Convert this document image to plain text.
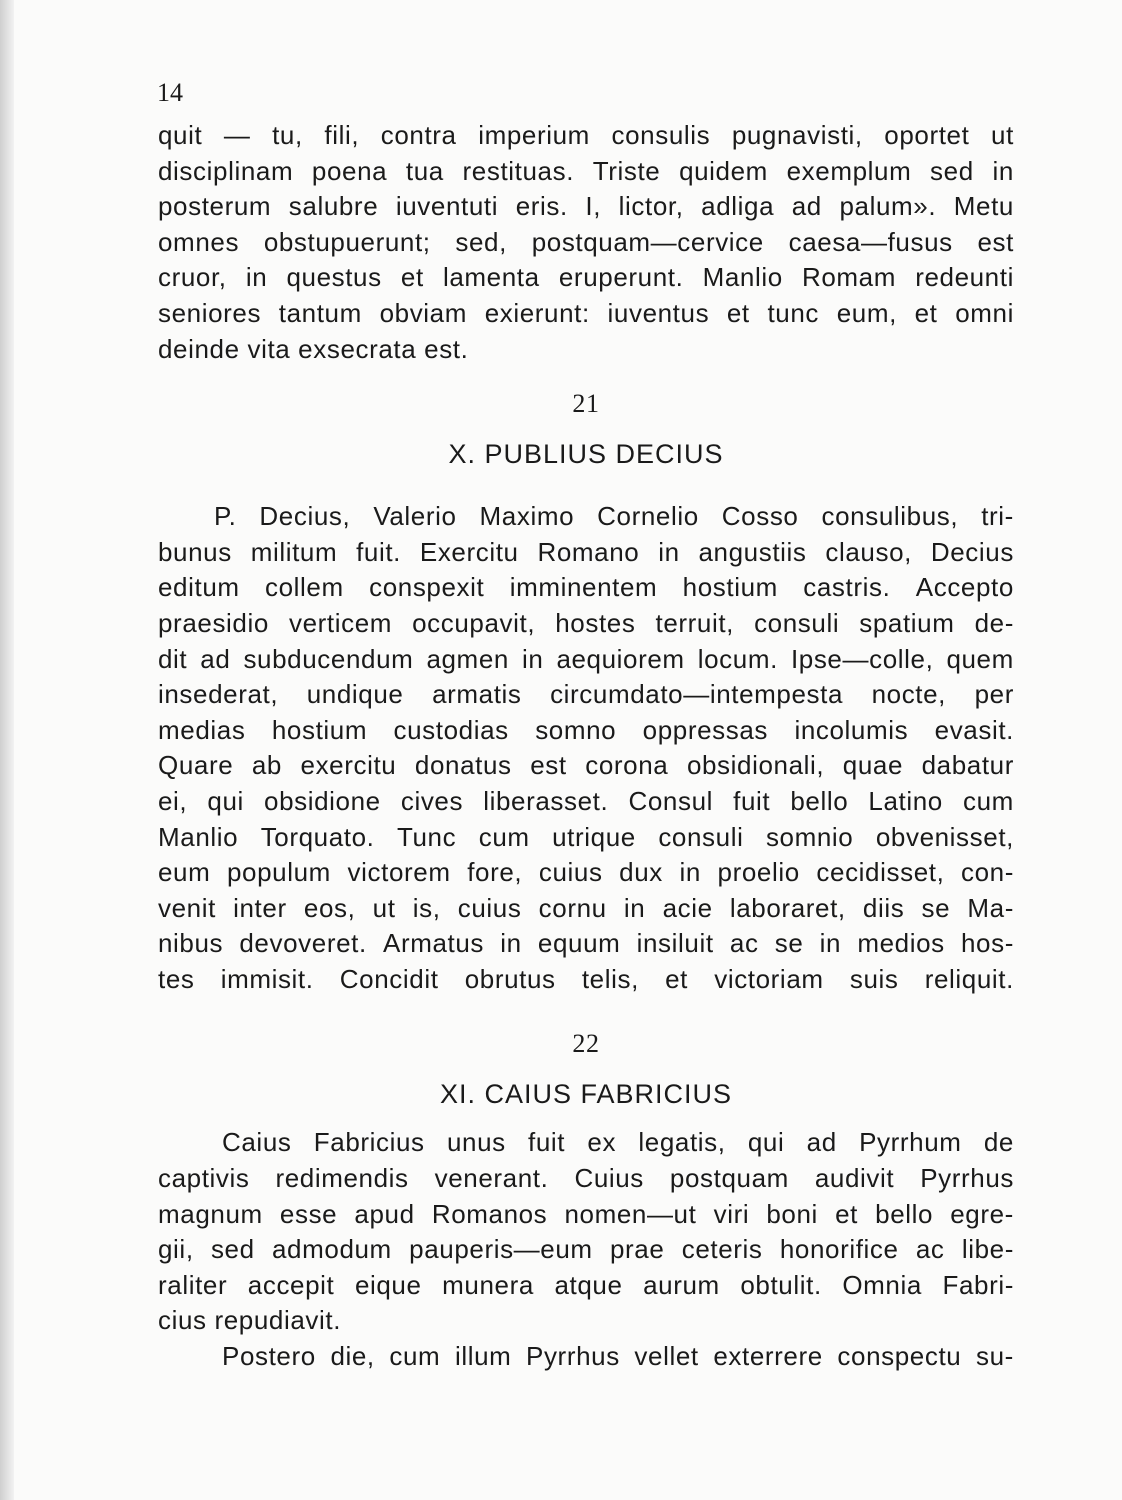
14
quit — tu, fili, contra imperium consulis pugnavisti, oportet ut
disciplinam poena tua restituas. Triste quidem exemplum sed in
posterum salubre iuventuti eris. I, lictor, adliga ad palum». Metu
omnes obstupuerunt; sed, postquam—cervice caesa—fusus est
cruor, in questus et lamenta eruperunt. Manlio Romam redeunti
seniores tantum obviam exierunt: iuventus et tunc eum, et omni
deinde vita exsecrata est.
21
X. PUBLIUS DECIUS
P. Decius, Valerio Maximo Cornelio Cosso consulibus, tri-
bunus militum fuit. Exercitu Romano in angustiis clauso, Decius
editum collem conspexit imminentem hostium castris. Accepto
praesidio verticem occupavit, hostes terruit, consuli spatium de-
dit ad subducendum agmen in aequiorem locum. Ipse—colle, quem
insederat, undique armatis circumdato—intempesta nocte, per
medias hostium custodias somno oppressas incolumis evasit.
Quare ab exercitu donatus est corona obsidionali, quae dabatur
ei, qui obsidione cives liberasset. Consul fuit bello Latino cum
Manlio Torquato. Tunc cum utrique consuli somnio obvenisset,
eum populum victorem fore, cuius dux in proelio cecidisset, con-
venit inter eos, ut is, cuius cornu in acie laboraret, diis se Ma-
nibus devoveret. Armatus in equum insiluit ac se in medios hos-
tes immisit. Concidit obrutus telis, et victoriam suis reliquit.
22
XI. CAIUS FABRICIUS
Caius Fabricius unus fuit ex legatis, qui ad Pyrrhum de
captivis redimendis venerant. Cuius postquam audivit Pyrrhus
magnum esse apud Romanos nomen—ut viri boni et bello egre-
gii, sed admodum pauperis—eum prae ceteris honorifice ac libe-
raliter accepit eique munera atque aurum obtulit. Omnia Fabri-
cius repudiavit.
Postero die, cum illum Pyrrhus vellet exterrere conspectu su-
